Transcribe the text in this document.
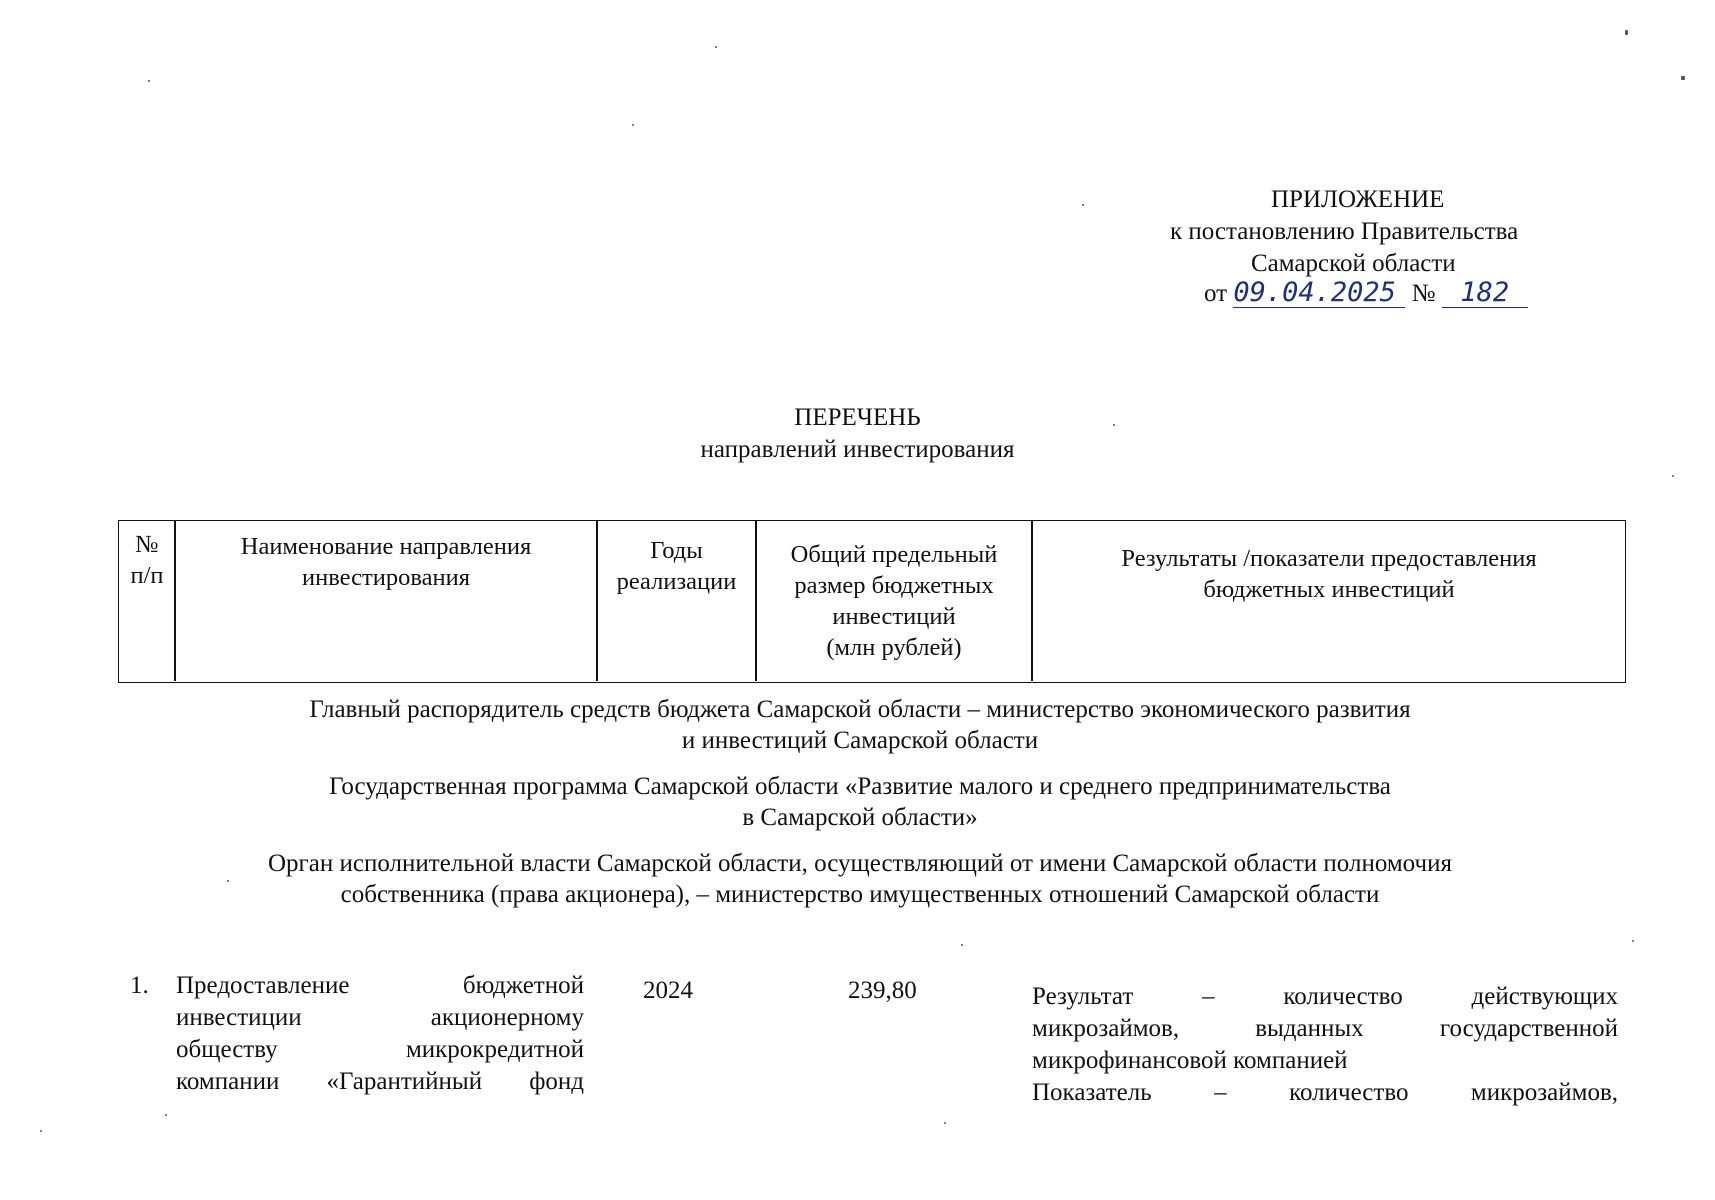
ПРИЛОЖЕНИЕ
к постановлению Правительства
Самарской области
от 09.04.2025 № 182
ПЕРЕЧЕНЬ
направлений инвестирования
№
п/п
Наименование направления
инвестирования
Годы
реализации
Общий предельный
размер бюджетных
инвестиций
(млн рублей)
Результаты /показатели предоставления
бюджетных инвестиций
Главный распорядитель средств бюджета Самарской области – министерство экономического развития
и инвестиций Самарской области
Государственная программа Самарской области «Развитие малого и среднего предпринимательства
в Самарской области»
Орган исполнительной власти Самарской области, осуществляющий от имени Самарской области полномочия
собственника (права акционера), – министерство имущественных отношений Самарской области
1. Предоставление бюджетной
инвестиции акционерному
обществу микрокредитной
компании «Гарантийный фонд
2024	239,80	Результат – количество действующих
микрозаймов, выданных государственной
микрофинансовой компанией
Показатель – количество микрозаймов,
